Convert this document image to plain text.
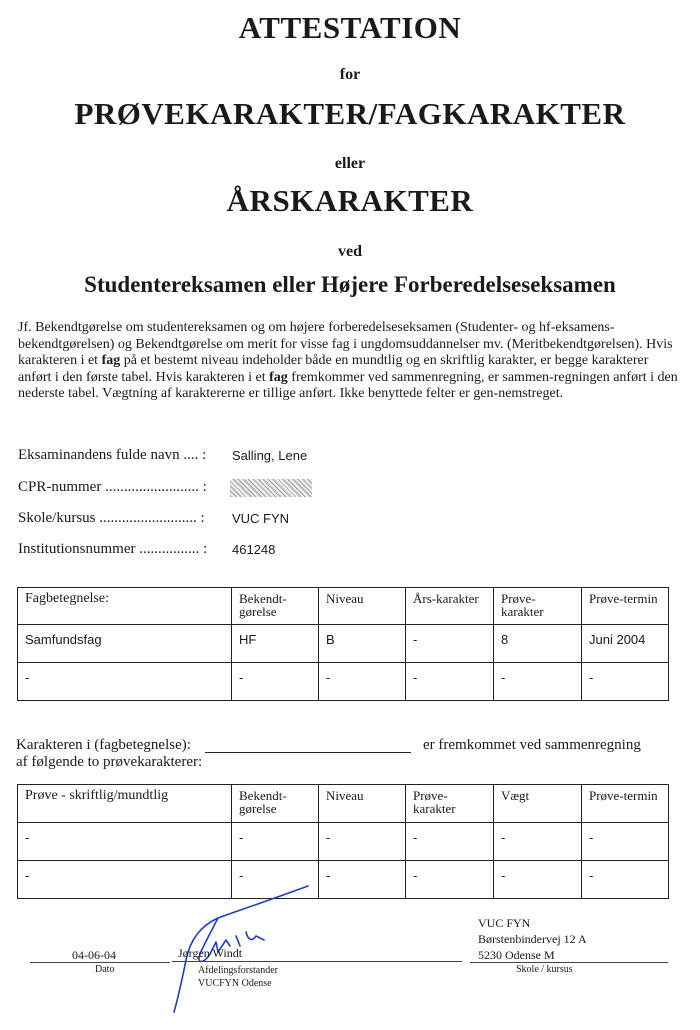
ATTESTATION
for
PRØVEKARAKTER/FAGKARAKTER
eller
ÅRSKARAKTER
ved
Studentereksamen eller Højere Forberedelseseksamen
Jf. Bekendtgørelse om studentereksamen og om højere forberedelseseksamen (Studenter- og hf-eksamens-bekendtgørelsen) og Bekendtgørelse om merit for visse fag i ungdomsuddannelser mv. (Meritbekendtgørelsen). Hvis karakteren i et fag på et bestemt niveau indeholder både en mundtlig og en skriftlig karakter, er begge karakterer anført i den første tabel. Hvis karakteren i et fag fremkommer ved sammenregning, er sammen-regningen anført i den nederste tabel. Vægtning af karaktererne er tillige anført. Ikke benyttede felter er gen-nemstreget.
Eksaminandens fulde navn .... : Salling, Lene
CPR-nummer ......................... :
Skole/kursus .......................... : VUC FYN
Institutionsnummer ................ : 461248
Fagbetegnelse:	Bekendt-gørelse	Niveau	Års-karakter	Prøve-karakter	Prøve-termin
Samfundsfag	HF	B	-	8	Juni 2004
-	-	-	-	-	-
Karakteren i (fagbetegnelse):	er fremkommet ved sammenregning
af følgende to prøvekarakterer:
Prøve - skriftlig/mundtlig	Bekendt-gørelse	Niveau	Prøve-karakter	Vægt	Prøve-termin
-	-	-	-	-	-
-	-	-	-	-	-
04-06-04
Dato
Jørgen Windt
Afdelingsforstander
VUCFYN Odense
VUC FYN
Børstenbindervej 12 A
5230 Odense M
Skole / kursus
